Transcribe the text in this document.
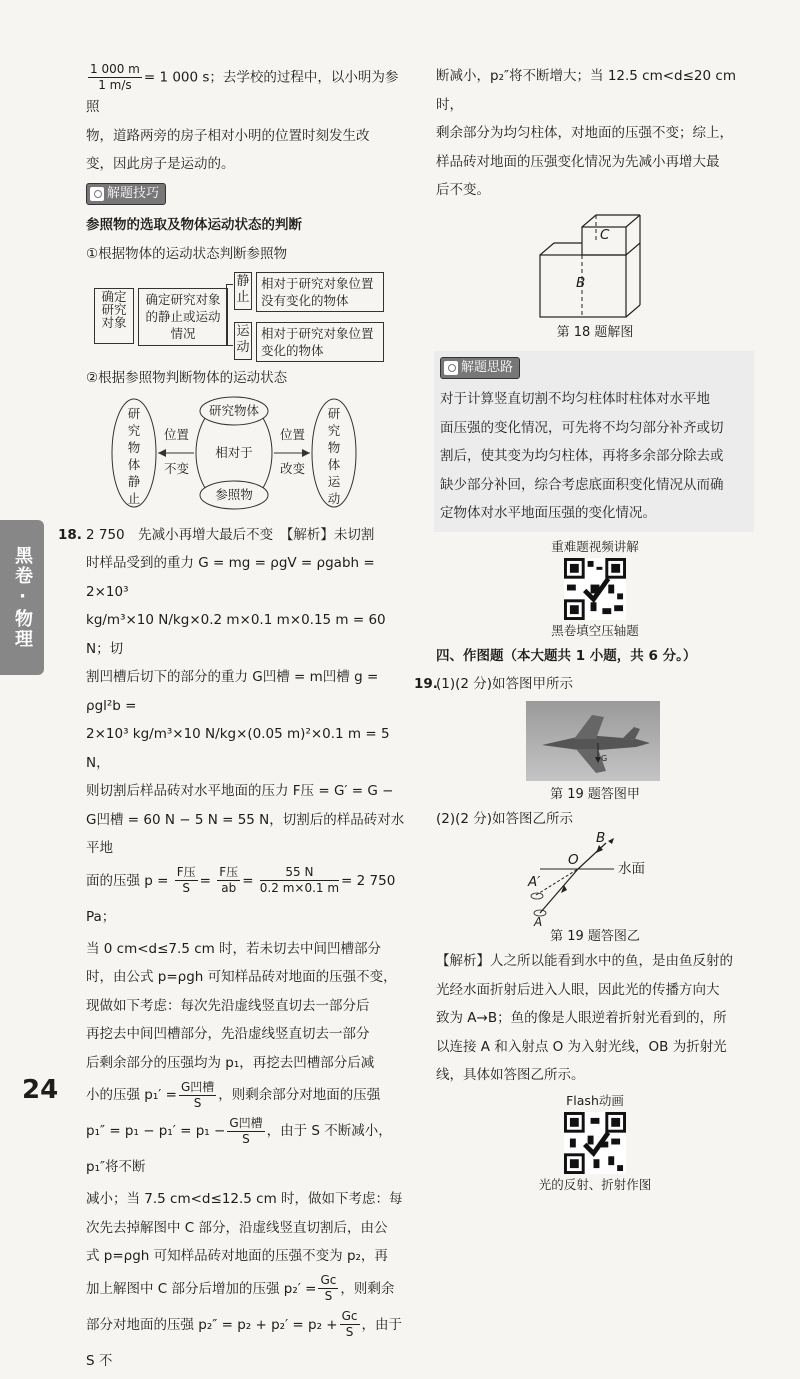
黑卷·物理
24

$\frac{1 000 m}{1 m/s} = 1$ 000 s；去学校的过程中，以小明为参照

物，道路两旁的房子相对小明的位置时刻发生改

变，因此房子是运动的。

解题技巧

参照物的选取及物体运动状态的判断

①根据物体的运动状态判断参照物

确定研究对象
确定研究对象的静止或运动情况
静止
运动
相对于研究对象位置没有变化的物体
相对于研究对象位置变化的物体

②根据参照物判断物体的运动状态

研究物体静止
研究物体
相对于
参照物
位置
不变
位置
改变
研究物体运动
18. 2 750　先减小再增大最后不变　【解析】未切割

时样品受到的重力 G = mg = ρgV = ρgabh = 2×10³

kg/m³×10 N/kg×0.2 m×0.1 m×0.15 m = 60 N；切

割凹槽后切下的部分的重力 G凹槽 = m凹槽 g = ρgl²b =

2×10³ kg/m³×10 N/kg×(0.05 m)²×0.1 m = 5 N，

则切割后样品砖对水平地面的压力 F压 = G′ = G −

G凹槽 = 60 N − 5 N = 55 N，切割后的样品砖对水平地

面的压强 $p = \frac{\text{F压}}{S} = \frac{\text{F压}}{ab} = \frac{55 N}{0.2 m\times 0.1 m} = 2$ 750 Pa；

当 0 cm<d≤7.5 cm 时，若未切去中间凹槽部分

时，由公式 p=ρgh 可知样品砖对地面的压强不变，

现做如下考虑：每次先沿虚线竖直切去一部分后

再挖去中间凹槽部分，先沿虚线竖直切去一部分

后剩余部分的压强均为 p₁，再挖去凹槽部分后减

小的压强 $p_1' = \frac{\text{G凹槽}}{S}$ ，则剩余部分对地面的压强

$p_1'' = p_1 - p_1' = p_1 - \frac{\text{G凹槽}}{S}$ ，由于 S 不断减小，p₁″将不断

减小；当 7.5 cm<d≤12.5 cm 时，做如下考虑：每

次先去掉解图中 C 部分，沿虚线竖直切割后，由公

式 p=ρgh 可知样品砖对地面的压强不变为 p₂，再

加上解图中 C 部分后增加的压强 $p_2' = \frac{Gc}{S}$ ，则剩余

部分对地面的压强 $p_2'' = p_2 + p_2' = p_2 + \frac{Gc}{S}$ ，由于 S 不

断减小，p₂″将不断增大；当 12.5 cm<d≤20 cm 时，

剩余部分为均匀柱体，对地面的压强不变；综上，

样品砖对地面的压强变化情况为先减小再增大最

后不变。

C
B
第 18 题解图
解题思路

对于计算竖直切割不均匀柱体时柱体对水平地

面压强的变化情况，可先将不均匀部分补齐或切

割后，使其变为均匀柱体，再将多余部分除去或

缺少部分补回，综合考虑底面积变化情况从而确

定物体对水平地面压强的变化情况。

重难题视频讲解
黑卷填空压轴题

四、作图题（本大题共 1 小题，共 6 分。）

19.

(1)(2 分)如答图甲所示

G
第 19 题答图甲

(2)(2 分)如答图乙所示

B
O
A′
A
水面
第 19 题答图乙

【解析】人之所以能看到水中的鱼，是由鱼反射的

光经水面折射后进入人眼，因此光的传播方向大

致为 A→B；鱼的像是人眼逆着折射光看到的，所

以连接 A 和入射点 O 为入射光线，OB 为折射光

线，具体如答图乙所示。

Flash动画
光的反射、折射作图
